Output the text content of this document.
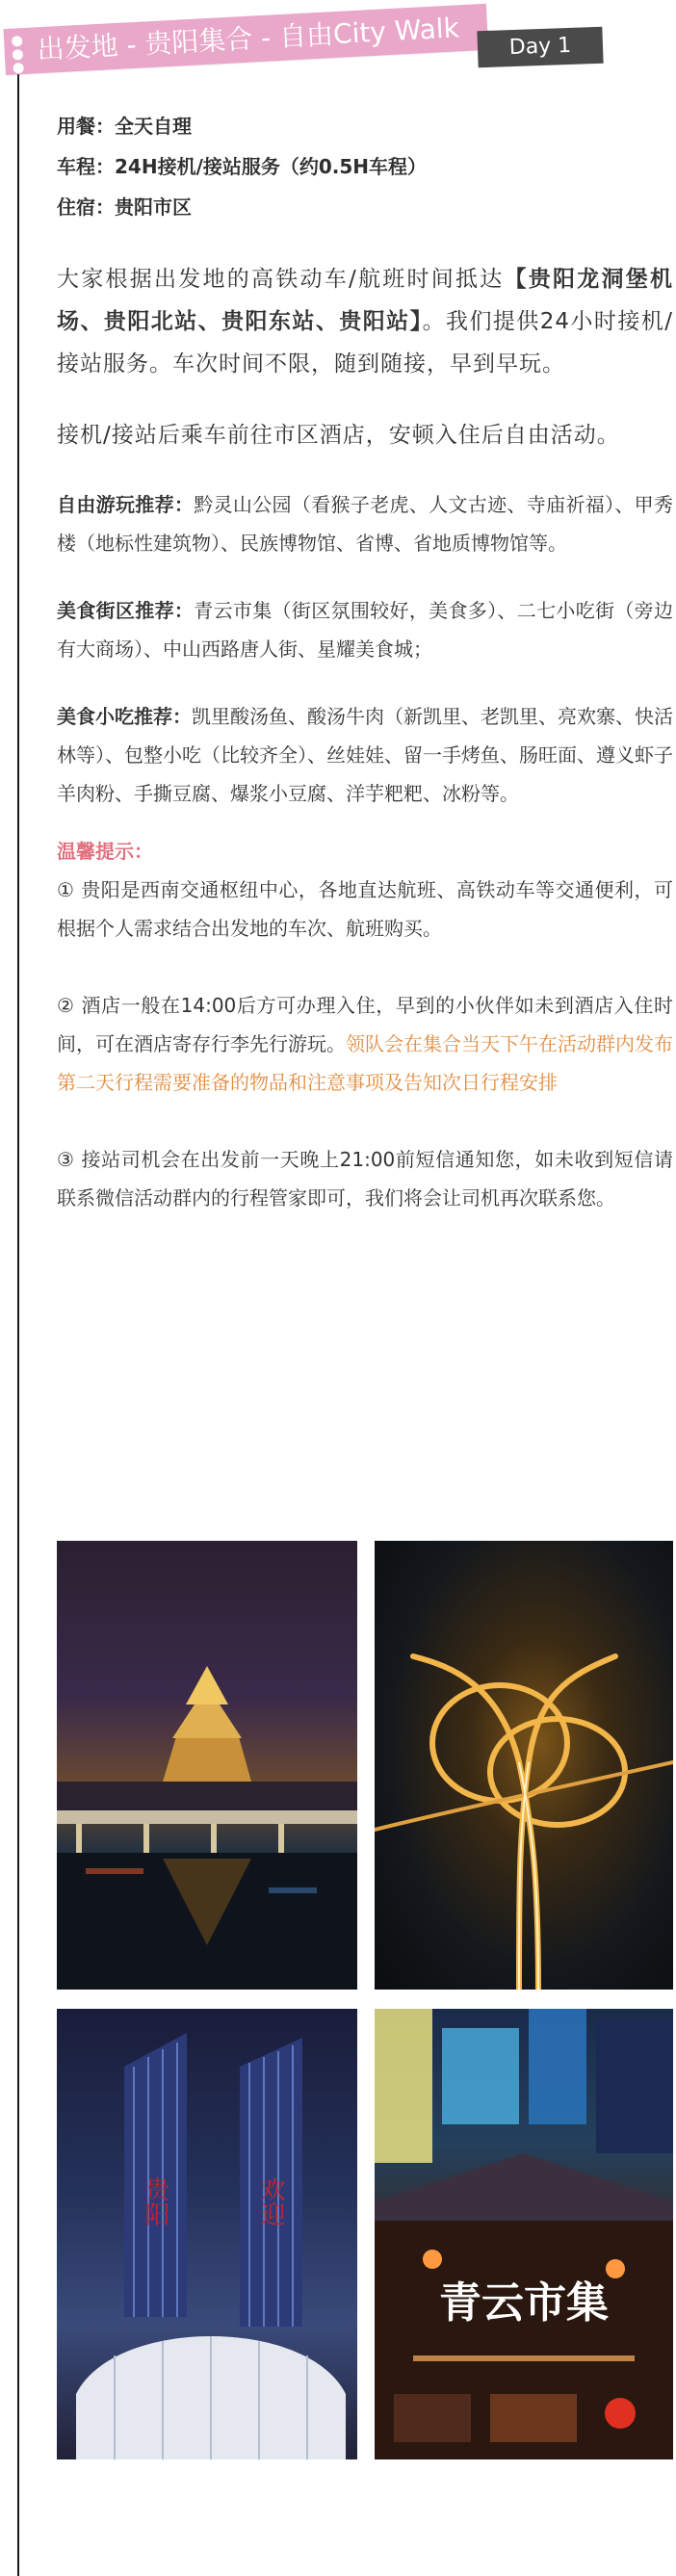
出发地 - 贵阳集合 - 自由City Walk	Day 1

用餐：全天自理

车程：24H接机/接站服务（约0.5H车程）

住宿：贵阳市区

大家根据出发地的高铁动车/航班时间抵达【贵阳龙洞堡机场、贵阳北站、贵阳东站、贵阳站】。我们提供24小时接机/接站服务。车次时间不限，随到随接，早到早玩。

接机/接站后乘车前往市区酒店，安顿入住后自由活动。

自由游玩推荐：黔灵山公园（看猴子老虎、人文古迹、寺庙祈福）、甲秀楼（地标性建筑物）、民族博物馆、省博、省地质博物馆等。

美食街区推荐：青云市集（街区氛围较好，美食多）、二七小吃街（旁边有大商场）、中山西路唐人街、星耀美食城；

美食小吃推荐：凯里酸汤鱼、酸汤牛肉（新凯里、老凯里、亮欢寨、快活林等）、包整小吃（比较齐全）、丝娃娃、留一手烤鱼、肠旺面、遵义虾子羊肉粉、手撕豆腐、爆浆小豆腐、洋芋粑粑、冰粉等。

温馨提示：

① 贵阳是西南交通枢纽中心，各地直达航班、高铁动车等交通便利，可根据个人需求结合出发地的车次、航班购买。

② 酒店一般在14:00后方可办理入住，早到的小伙伴如未到酒店入住时间，可在酒店寄存行李先行游玩。领队会在集合当天下午在活动群内发布第二天行程需要准备的物品和注意事项及告知次日行程安排

③ 接站司机会在出发前一天晚上21:00前短信通知您，如未收到短信请联系微信活动群内的行程管家即可，我们将会让司机再次联系您。

贵阳	欢迎
青云市集
